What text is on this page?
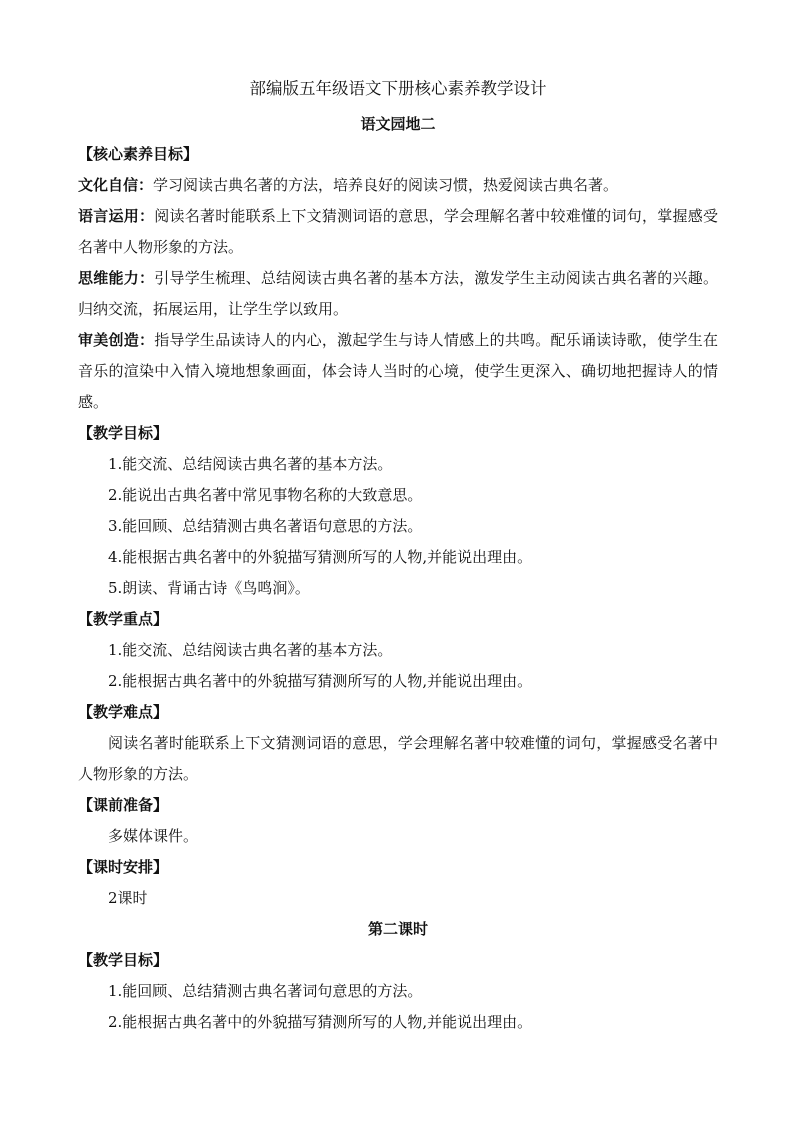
部编版五年级语文下册核心素养教学设计
语文园地二
【核心素养目标】

文化自信：学习阅读古典名著的方法，培养良好的阅读习惯，热爱阅读古典名著。

语言运用：阅读名著时能联系上下文猜测词语的意思，学会理解名著中较难懂的词句，掌握感受名著中人物形象的方法。

思维能力：引导学生梳理、总结阅读古典名著的基本方法，激发学生主动阅读古典名著的兴趣。归纳交流，拓展运用，让学生学以致用。

审美创造：指导学生品读诗人的内心，激起学生与诗人情感上的共鸣。配乐诵读诗歌，使学生在音乐的渲染中入情入境地想象画面，体会诗人当时的心境，使学生更深入、确切地把握诗人的情感。

【教学目标】
1.能交流、总结阅读古典名著的基本方法。
2.能说出古典名著中常见事物名称的大致意思。
3.能回顾、总结猜测古典名著语句意思的方法。
4.能根据古典名著中的外貌描写猜测所写的人物,并能说出理由。
5.朗读、背诵古诗《鸟鸣涧》。
【教学重点】
1.能交流、总结阅读古典名著的基本方法。
2.能根据古典名著中的外貌描写猜测所写的人物,并能说出理由。
【教学难点】

阅读名著时能联系上下文猜测词语的意思，学会理解名著中较难懂的词句，掌握感受名著中人物形象的方法。

【课前准备】
多媒体课件。
【课时安排】
2课时
第二课时
【教学目标】
1.能回顾、总结猜测古典名著词句意思的方法。
2.能根据古典名著中的外貌描写猜测所写的人物,并能说出理由。
